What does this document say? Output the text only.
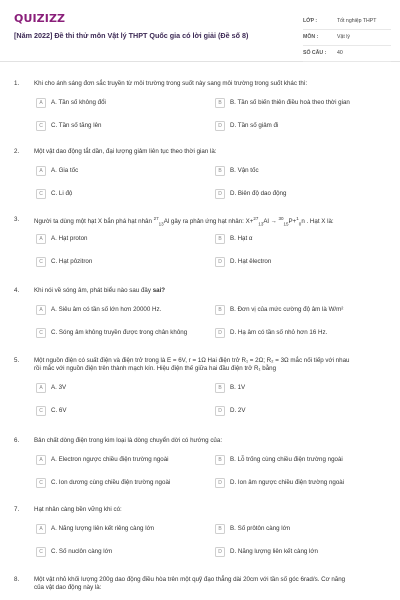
QUIZIZZ
[Năm 2022] Đề thi thử môn Vật lý THPT Quốc gia có lời giải (Đề số 8)
LỚP :	Tốt nghiệp THPT
MÔN :	Vật lý
SỐ CÂU :	40
1.	Khi cho ánh sáng đơn sắc truyền từ môi trường trong suốt này sang môi trường trong suốt khác thì:
A	A. Tần số không đổi	B	B. Tần số biến thiên điều hoà theo thời gian
C	C. Tần số tăng lên	D	D. Tần số giảm đi
2.	Một vật dao động tắt dần, đại lượng giảm liên tục theo thời gian là:
A	A. Gia tốc	B	B. Vận tốc
C	C. Li độ	D	D. Biên độ dao động
3.	Người ta dùng một hạt X bắn phá hạt nhân $^{27}_{13}$Al gây ra phản ứng hạt nhân: X+$^{27}_{13}$Al → $^{30}_{15}$P+$^1_0$n . Hạt X là:
A	A. Hạt proton	B	B. Hạt α
C	C. Hạt pôzitron	D	D. Hạt êlectron
4.	Khi nói về sóng âm, phát biểu nào sau đây sai?
A	A. Siêu âm có tần số lớn hơn 20000 Hz.	B	B. Đơn vị của mức cường độ âm là W/m²
C	C. Sóng âm không truyền được trong chân không	D	D. Hạ âm có tần số nhỏ hơn 16 Hz.
5.	Một nguồn điện có suất điện và điện trở trong là E = 6V, r = 1Ω Hai điện trở R₁ = 2Ω; R₂ = 3Ω mắc nối tiếp với nhau
rồi mắc với nguồn điện trên thành mạch kín. Hiệu điện thế giữa hai đầu điện trở R₁ bằng
A	A. 3V	B	B. 1V
C	C. 6V	D	D. 2V
6.	Bản chất dòng điện trong kim loại là dòng chuyển dời có hướng của:
A	A. Electron ngược chiều điện trường ngoài	B	B. Lỗ trống cùng chiều điện trường ngoài
C	C. Ion dương cùng chiều điện trường ngoài	D	D. Ion âm ngược chiều điện trường ngoài
7.	Hạt nhân càng bền vững khi có:
A	A. Năng lượng liên kết riêng càng lớn	B	B. Số prôtôn càng lớn
C	C. Số nuclôn càng lớn	D	D. Năng lượng liên kết càng lớn
8.	Một vật nhỏ khối lượng 200g dao động điều hòa trên một quỹ đạo thẳng dài 20cm với tần số góc 6rad/s. Cơ năng
của vật dao động này là:
